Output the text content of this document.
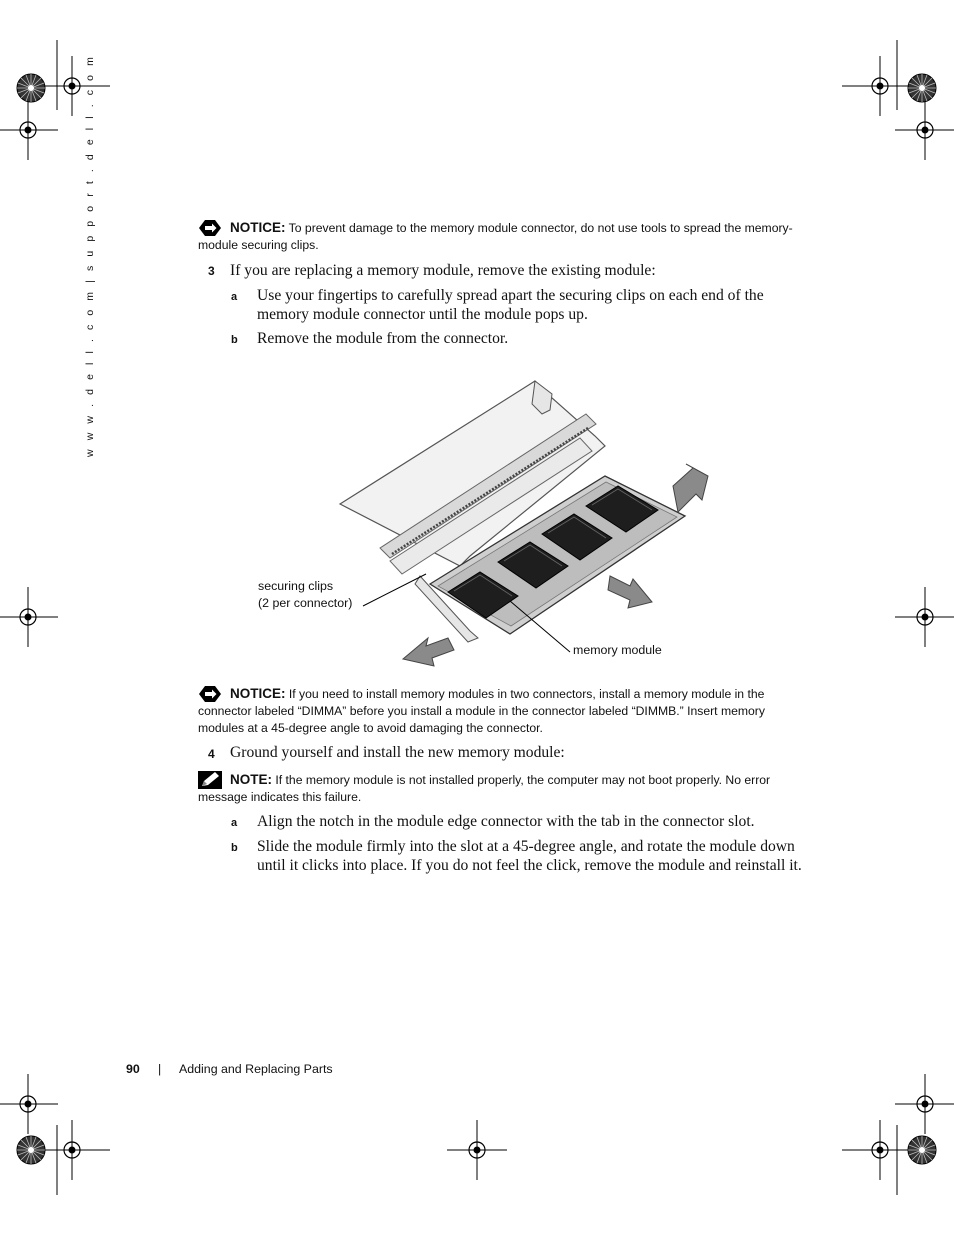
w w w . d e l l . c o m | s u p p o r t . d e l l . c o m	NOTICE: To prevent damage to the memory module connector, do not use tools to spread the memory-module securing clips.
3 If you are replacing a memory module, remove the existing module:
a Use your fingertips to carefully spread apart the securing clips on each end of the memory module connector until the module pops up.
b Remove the module from the connector.
securing clips
(2 per connector)
memory module
NOTICE: If you need to install memory modules in two connectors, install a memory module in the connector labeled “DIMMA” before you install a module in the connector labeled “DIMMB.” Insert memory modules at a 45-degree angle to avoid damaging the connector.
4 Ground yourself and install the new memory module:
NOTE: If the memory module is not installed properly, the computer may not boot properly. No error message indicates this failure.
a Align the notch in the module edge connector with the tab in the connector slot.
b Slide the module firmly into the slot at a 45-degree angle, and rotate the module down until it clicks into place. If you do not feel the click, remove the module and reinstall it.
90 | Adding and Replacing Parts
